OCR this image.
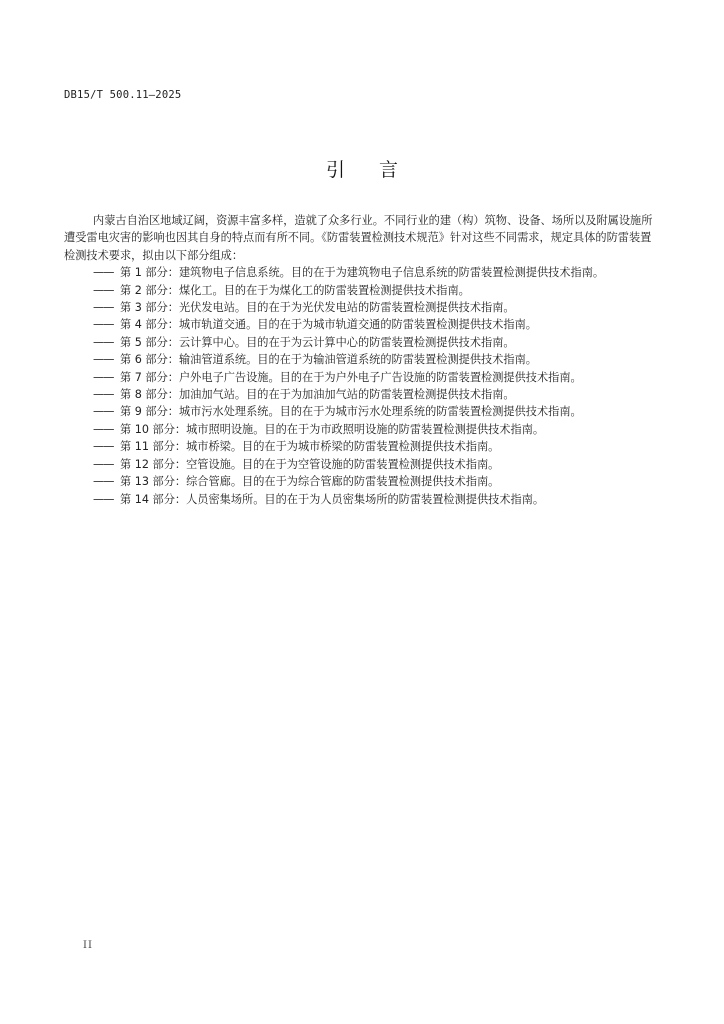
DB15/T 500.11—2025
引言

内蒙古自治区地域辽阔，资源丰富多样，造就了众多行业。不同行业的建（构）筑物、设备、场所以及附属设施所遭受雷电灾害的影响也因其自身的特点而有所不同。《防雷装置检测技术规范》针对这些不同需求，规定具体的防雷装置检测技术要求，拟由以下部分组成：

—— 第 1 部分：建筑物电子信息系统。目的在于为建筑物电子信息系统的防雷装置检测提供技术指南。
—— 第 2 部分：煤化工。目的在于为煤化工的防雷装置检测提供技术指南。
—— 第 3 部分：光伏发电站。目的在于为光伏发电站的防雷装置检测提供技术指南。
—— 第 4 部分：城市轨道交通。目的在于为城市轨道交通的防雷装置检测提供技术指南。
—— 第 5 部分：云计算中心。目的在于为云计算中心的防雷装置检测提供技术指南。
—— 第 6 部分：输油管道系统。目的在于为输油管道系统的防雷装置检测提供技术指南。
—— 第 7 部分：户外电子广告设施。目的在于为户外电子广告设施的防雷装置检测提供技术指南。
—— 第 8 部分：加油加气站。目的在于为加油加气站的防雷装置检测提供技术指南。
—— 第 9 部分：城市污水处理系统。目的在于为城市污水处理系统的防雷装置检测提供技术指南。
—— 第 10 部分：城市照明设施。目的在于为市政照明设施的防雷装置检测提供技术指南。
—— 第 11 部分：城市桥梁。目的在于为城市桥梁的防雷装置检测提供技术指南。
—— 第 12 部分：空管设施。目的在于为空管设施的防雷装置检测提供技术指南。
—— 第 13 部分：综合管廊。目的在于为综合管廊的防雷装置检测提供技术指南。
—— 第 14 部分：人员密集场所。目的在于为人员密集场所的防雷装置检测提供技术指南。
II
